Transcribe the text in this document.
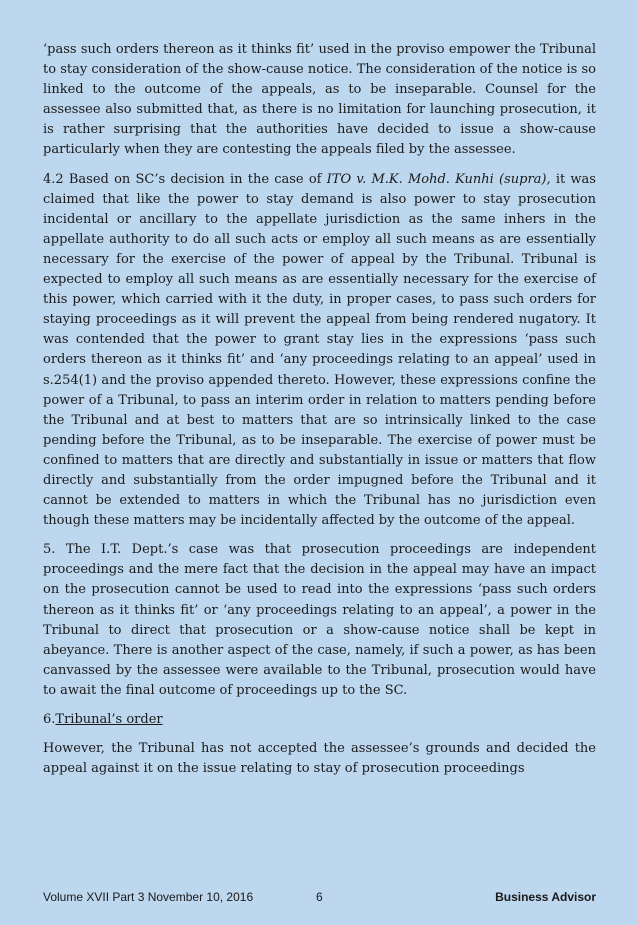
‘pass such orders thereon as it thinks fit’ used in the proviso empower the Tribunal to stay consideration of the show-cause notice. The consideration of the notice is so linked to the outcome of the appeals, as to be inseparable. Counsel for the assessee also submitted that, as there is no limitation for launching prosecution, it is rather surprising that the authorities have decided to issue a show-cause particularly when they are contesting the appeals filed by the assessee.

4.2 Based on SC’s decision in the case of ITO v. M.K. Mohd. Kunhi (supra), it was claimed that like the power to stay demand is also power to stay prosecution incidental or ancillary to the appellate jurisdiction as the same inhers in the appellate authority to do all such acts or employ all such means as are essentially necessary for the exercise of the power of appeal by the Tribunal. Tribunal is expected to employ all such means as are essentially necessary for the exercise of this power, which carried with it the duty, in proper cases, to pass such orders for staying proceedings as it will prevent the appeal from being rendered nugatory. It was contended that the power to grant stay lies in the expressions ‘pass such orders thereon as it thinks fit’ and ‘any proceedings relating to an appeal’ used in s.254(1) and the proviso appended thereto. However, these expressions confine the power of a Tribunal, to pass an interim order in relation to matters pending before the Tribunal and at best to matters that are so intrinsically linked to the case pending before the Tribunal, as to be inseparable. The exercise of power must be confined to matters that are directly and substantially in issue or matters that flow directly and substantially from the order impugned before the Tribunal and it cannot be extended to matters in which the Tribunal has no jurisdiction even though these matters may be incidentally affected by the outcome of the appeal.

5. The I.T. Dept.’s case was that prosecution proceedings are independent proceedings and the mere fact that the decision in the appeal may have an impact on the prosecution cannot be used to read into the expressions ‘pass such orders thereon as it thinks fit’ or ‘any proceedings relating to an appeal’, a power in the Tribunal to direct that prosecution or a show-cause notice shall be kept in abeyance. There is another aspect of the case, namely, if such a power, as has been canvassed by the assessee were available to the Tribunal, prosecution would have to await the final outcome of proceedings up to the SC.

6.Tribunal’s order

However, the Tribunal has not accepted the assessee’s grounds and decided the appeal against it on the issue relating to stay of prosecution proceedings

Volume XVII Part 3 November 10, 2016	6	Business Advisor
